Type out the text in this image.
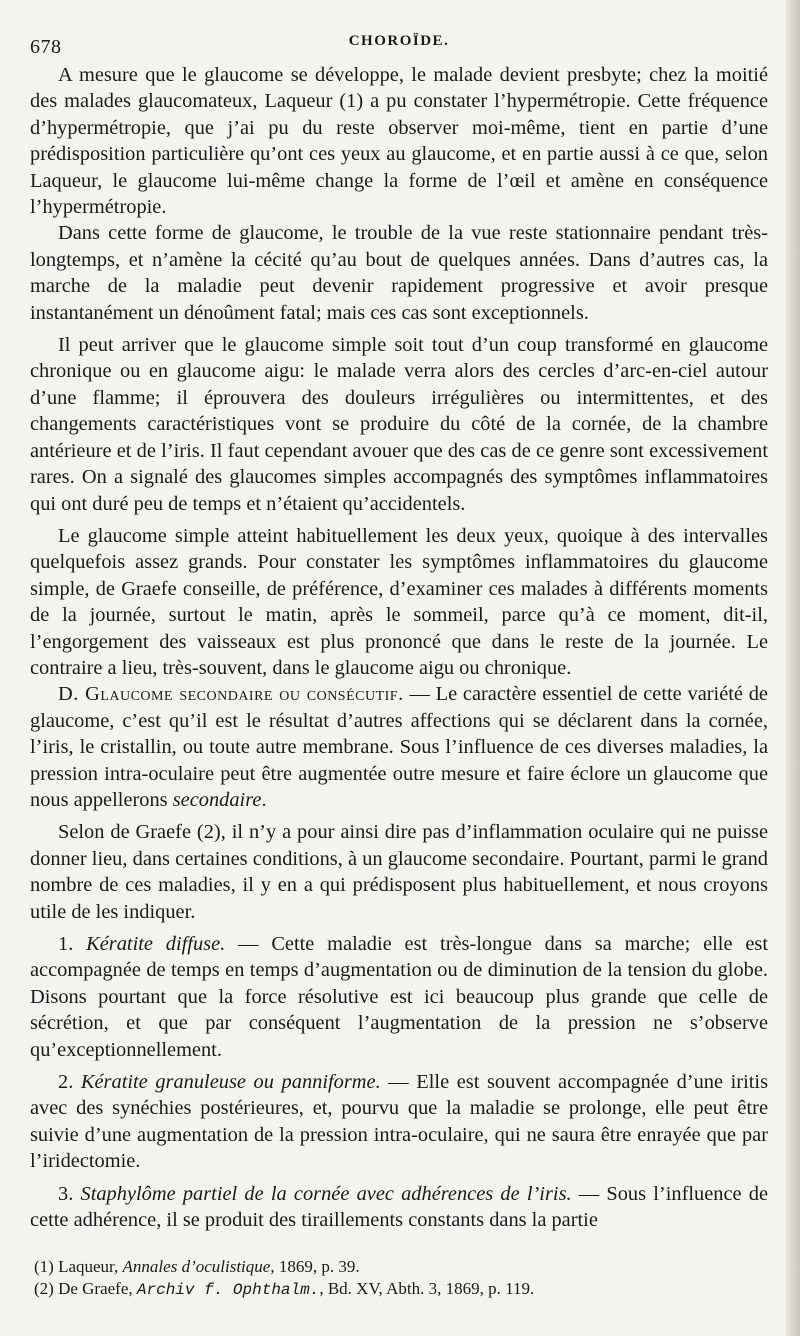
678	CHOROÏDE.

A mesure que le glaucome se développe, le malade devient presbyte; chez la moitié des malades glaucomateux, Laqueur (1) a pu constater l’hypermétropie. Cette fréquence d’hypermétropie, que j’ai pu du reste observer moi-même, tient en partie d’une prédisposition particulière qu’ont ces yeux au glaucome, et en partie aussi à ce que, selon Laqueur, le glaucome lui-même change la forme de l’œil et amène en conséquence l’hypermétropie.

Dans cette forme de glaucome, le trouble de la vue reste stationnaire pendant très-longtemps, et n’amène la cécité qu’au bout de quelques années. Dans d’autres cas, la marche de la maladie peut devenir rapidement progressive et avoir presque instantanément un dénoûment fatal; mais ces cas sont exceptionnels.

Il peut arriver que le glaucome simple soit tout d’un coup transformé en glaucome chronique ou en glaucome aigu: le malade verra alors des cercles d’arc-en-ciel autour d’une flamme; il éprouvera des douleurs irrégulières ou intermittentes, et des changements caractéristiques vont se produire du côté de la cornée, de la chambre antérieure et de l’iris. Il faut cependant avouer que des cas de ce genre sont excessivement rares. On a signalé des glaucomes simples accompagnés des symptômes inflammatoires qui ont duré peu de temps et n’étaient qu’accidentels.

Le glaucome simple atteint habituellement les deux yeux, quoique à des intervalles quelquefois assez grands. Pour constater les symptômes inflammatoires du glaucome simple, de Graefe conseille, de préférence, d’examiner ces malades à différents moments de la journée, surtout le matin, après le sommeil, parce qu’à ce moment, dit-il, l’engorgement des vaisseaux est plus prononcé que dans le reste de la journée. Le contraire a lieu, très-souvent, dans le glaucome aigu ou chronique.

D. Glaucome secondaire ou consécutif. — Le caractère essentiel de cette variété de glaucome, c’est qu’il est le résultat d’autres affections qui se déclarent dans la cornée, l’iris, le cristallin, ou toute autre membrane. Sous l’influence de ces diverses maladies, la pression intra-oculaire peut être augmentée outre mesure et faire éclore un glaucome que nous appellerons secondaire.

Selon de Graefe (2), il n’y a pour ainsi dire pas d’inflammation oculaire qui ne puisse donner lieu, dans certaines conditions, à un glaucome secondaire. Pourtant, parmi le grand nombre de ces maladies, il y en a qui prédisposent plus habituellement, et nous croyons utile de les indiquer.

1. Kératite diffuse. — Cette maladie est très-longue dans sa marche; elle est accompagnée de temps en temps d’augmentation ou de diminution de la tension du globe. Disons pourtant que la force résolutive est ici beaucoup plus grande que celle de sécrétion, et que par conséquent l’augmentation de la pression ne s’observe qu’exceptionnellement.

2. Kératite granuleuse ou panniforme. — Elle est souvent accompagnée d’une iritis avec des synéchies postérieures, et, pourvu que la maladie se prolonge, elle peut être suivie d’une augmentation de la pression intra-oculaire, qui ne saura être enrayée que par l’iridectomie.

3. Staphylôme partiel de la cornée avec adhérences de l’iris. — Sous l’influence de cette adhérence, il se produit des tiraillements constants dans la partie

(1) Laqueur, Annales d’oculistique, 1869, p. 39.
(2) De Graefe, Archiv f. Ophthalm., Bd. XV, Abth. 3, 1869, p. 119.
